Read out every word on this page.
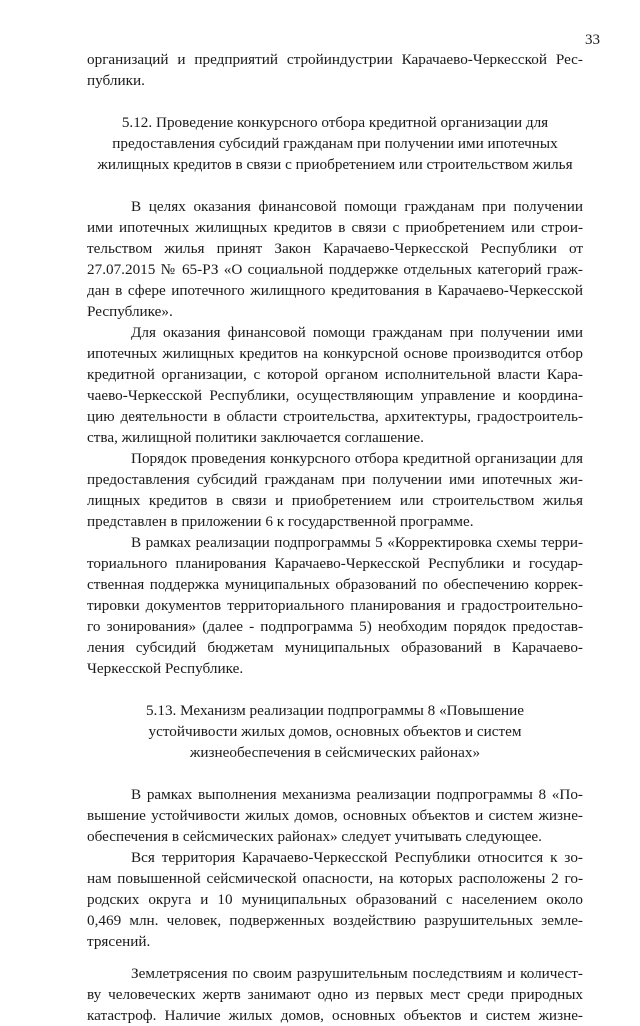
33
организаций и предприятий стройиндустрии Карачаево-Черкесской Рес-
публики.
5.12. Проведение конкурсного отбора кредитной организации для
предоставления субсидий гражданам при получении ими ипотечных
жилищных кредитов в связи с приобретением или строительством жилья
В целях оказания финансовой помощи гражданам при получении
ими ипотечных жилищных кредитов в связи с приобретением или строи-
тельством жилья принят Закон Карачаево-Черкесской Республики от
27.07.2015 № 65-РЗ «О социальной поддержке отдельных категорий граж-
дан в сфере ипотечного жилищного кредитования в Карачаево-Черкесской
Республике».
Для оказания финансовой помощи гражданам при получении ими
ипотечных жилищных кредитов на конкурсной основе производится отбор
кредитной организации, с которой органом исполнительной власти Кара-
чаево-Черкесской Республики, осуществляющим управление и координа-
цию деятельности в области строительства, архитектуры, градостроитель-
ства, жилищной политики заключается соглашение.
Порядок проведения конкурсного отбора кредитной организации для
предоставления субсидий гражданам при получении ими ипотечных жи-
лищных кредитов в связи и приобретением или строительством жилья
представлен в приложении 6 к государственной программе.
В рамках реализации подпрограммы 5 «Корректировка схемы терри-
ториального планирования Карачаево-Черкесской Республики и государ-
ственная поддержка муниципальных образований по обеспечению коррек-
тировки документов территориального планирования и градостроительно-
го зонирования» (далее - подпрограмма 5) необходим порядок предостав-
ления субсидий бюджетам муниципальных образований в Карачаево-
Черкесской Республике.
5.13. Механизм реализации подпрограммы 8 «Повышение
устойчивости жилых домов, основных объектов и систем
жизнеобеспечения в сейсмических районах»
В рамках выполнения механизма реализации подпрограммы 8 «По-
вышение устойчивости жилых домов, основных объектов и систем жизне-
обеспечения в сейсмических районах» следует учитывать следующее.
Вся территория Карачаево-Черкесской Республики относится к зо-
нам повышенной сейсмической опасности, на которых расположены 2 го-
родских округа и 10 муниципальных образований с населением около
0,469 млн. человек, подверженных воздействию разрушительных земле-
трясений.
Землетрясения по своим разрушительным последствиям и количест-
ву человеческих жертв занимают одно из первых мест среди природных
катастроф. Наличие жилых домов, основных объектов и систем жизне-
